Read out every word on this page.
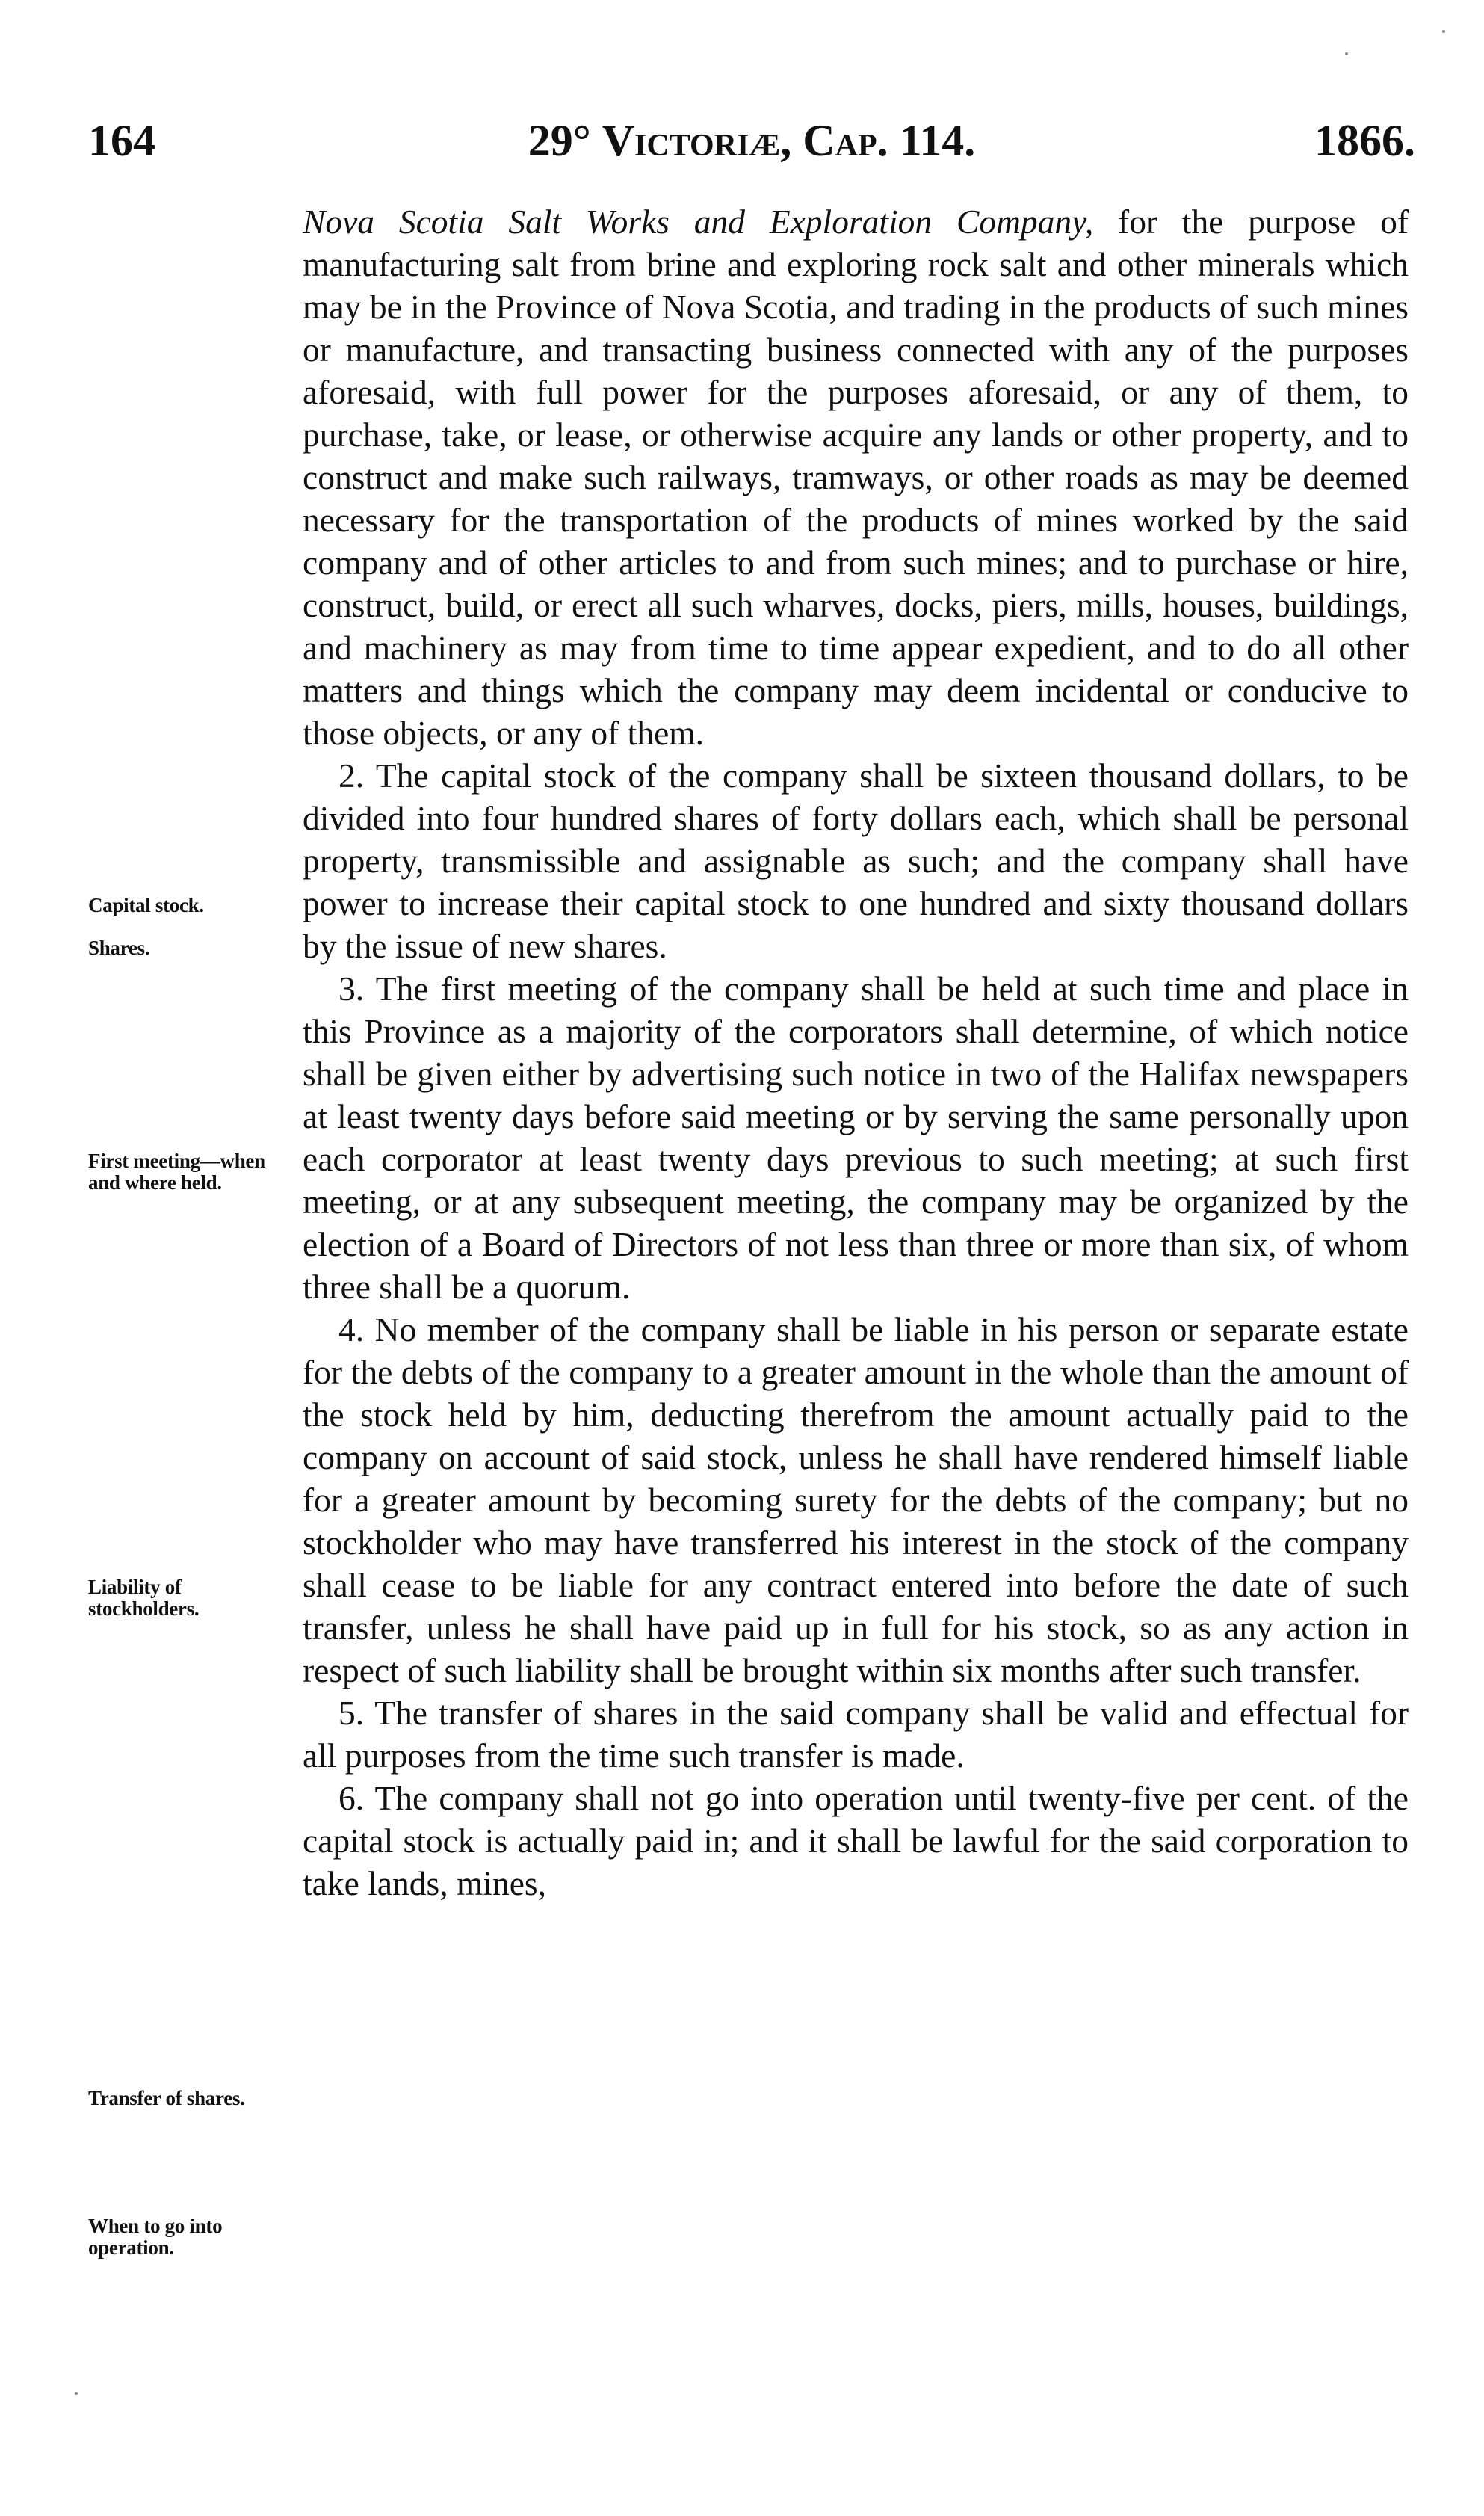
164	29° Victoriæ, Cap. 114.	1866.
Capital stock.
Shares.
First meeting—when and where held.
Liability of stockholders.
Transfer of shares.
When to go into operation.

Nova Scotia Salt Works and Exploration Company, for the purpose of manufacturing salt from brine and exploring rock salt and other minerals which may be in the Province of Nova Scotia, and trading in the products of such mines or manufacture, and transacting business connected with any of the purposes aforesaid, with full power for the purposes aforesaid, or any of them, to purchase, take, or lease, or otherwise acquire any lands or other property, and to construct and make such railways, tramways, or other roads as may be deemed necessary for the transportation of the products of mines worked by the said company and of other articles to and from such mines; and to purchase or hire, construct, build, or erect all such wharves, docks, piers, mills, houses, buildings, and machinery as may from time to time appear expedient, and to do all other matters and things which the company may deem incidental or conducive to those objects, or any of them.

2. The capital stock of the company shall be sixteen thousand dollars, to be divided into four hundred shares of forty dollars each, which shall be personal property, transmissible and assignable as such; and the company shall have power to increase their capital stock to one hundred and sixty thousand dollars by the issue of new shares.

3. The first meeting of the company shall be held at such time and place in this Province as a majority of the corporators shall determine, of which notice shall be given either by advertising such notice in two of the Halifax newspapers at least twenty days before said meeting or by serving the same personally upon each corporator at least twenty days previous to such meeting; at such first meeting, or at any subsequent meeting, the company may be organized by the election of a Board of Directors of not less than three or more than six, of whom three shall be a quorum.

4. No member of the company shall be liable in his person or separate estate for the debts of the company to a greater amount in the whole than the amount of the stock held by him, deducting therefrom the amount actually paid to the company on account of said stock, unless he shall have rendered himself liable for a greater amount by becoming surety for the debts of the company; but no stockholder who may have transferred his interest in the stock of the company shall cease to be liable for any contract entered into before the date of such transfer, unless he shall have paid up in full for his stock, so as any action in respect of such liability shall be brought within six months after such transfer.

5. The transfer of shares in the said company shall be valid and effectual for all purposes from the time such transfer is made.

6. The company shall not go into operation until twenty-five per cent. of the capital stock is actually paid in; and it shall be lawful for the said corporation to take lands, mines,
